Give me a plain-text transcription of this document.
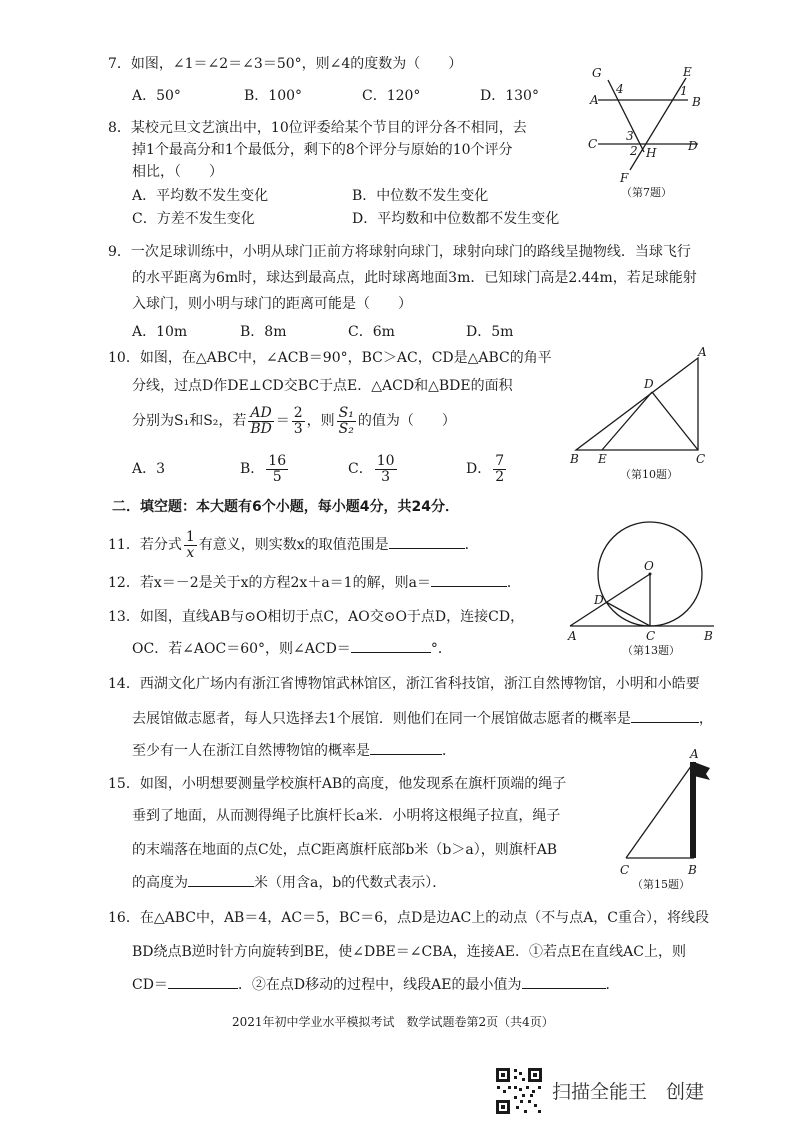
7．如图，∠1＝∠2＝∠3＝50°，则∠4的度数为（　　）
A．50°	B．100°	C．120°	D．130°
G	E
A
4	1
B
C
3
2 H	D
F
（第7题）
8．某校元旦文艺演出中，10位评委给某个节目的评分各不相同，去
掉1个最高分和1个最低分，剩下的8个评分与原始的10个评分
相比，（　　）
A．平均数不发生变化	B．中位数不发生变化
C．方差不发生变化	D．平均数和中位数都不发生变化
9．一次足球训练中，小明从球门正前方将球射向球门，球射向球门的路线呈抛物线．当球飞行
的水平距离为6m时，球达到最高点，此时球离地面3m．已知球门高是2.44m，若足球能射
入球门，则小明与球门的距离可能是（　　）
A．10m	B．8m	C．6m	D．5m
10．如图，在△ABC中，∠ACB＝90°，BC＞AC，CD是△ABC的角平
分线，过点D作DE⊥CD交BC于点E．△ACD和△BDE的面积
分别为S₁和S₂，若 $\frac{AD}{BD} = \frac{2}{3}$ ，则 $\frac{\text{S₁}}{\text{S₂}}$ 的值为（　　）
A．3	B． $\frac{16}{5}$	C． $\frac{10}{3}$	D． $\frac{7}{2}$
A
D
B E	C
（第10题）
二．填空题：本大题有6个小题，每小题4分，共24分．
11．若分式 $\frac{1}{x}$ 有意义，则实数x的取值范围是	．
12．若x＝－2是关于x的方程2x＋a＝1的解，则a＝	．
13．如图，直线AB与⊙O相切于点C，AO交⊙O于点D，连接CD，
OC．若∠AOC＝60°，则∠ACD＝	°．
O
D
A	C	B
（第13题）
14．西湖文化广场内有浙江省博物馆武林馆区，浙江省科技馆，浙江自然博物馆，小明和小皓要
去展馆做志愿者，每人只选择去1个展馆．则他们在同一个展馆做志愿者的概率是	，
至少有一人在浙江自然博物馆的概率是	．
15．如图，小明想要测量学校旗杆AB的高度，他发现系在旗杆顶端的绳子
垂到了地面，从而测得绳子比旗杆长a米．小明将这根绳子拉直，绳子
的末端落在地面的点C处，点C距离旗杆底部b米（b＞a），则旗杆AB
的高度为	米（用含a，b的代数式表示）．
A
C	B
（第15题）
16．在△ABC中，AB＝4，AC＝5，BC＝6，点D是边AC上的动点（不与点A，C重合），将线段
BD绕点B逆时针方向旋转到BE，使∠DBE＝∠CBA，连接AE．①若点E在直线AC上，则
CD＝	．②在点D移动的过程中，线段AE的最小值为	．
2021年初中学业水平模拟考试　数学试题卷第2页（共4页）
扫描全能王　创建
